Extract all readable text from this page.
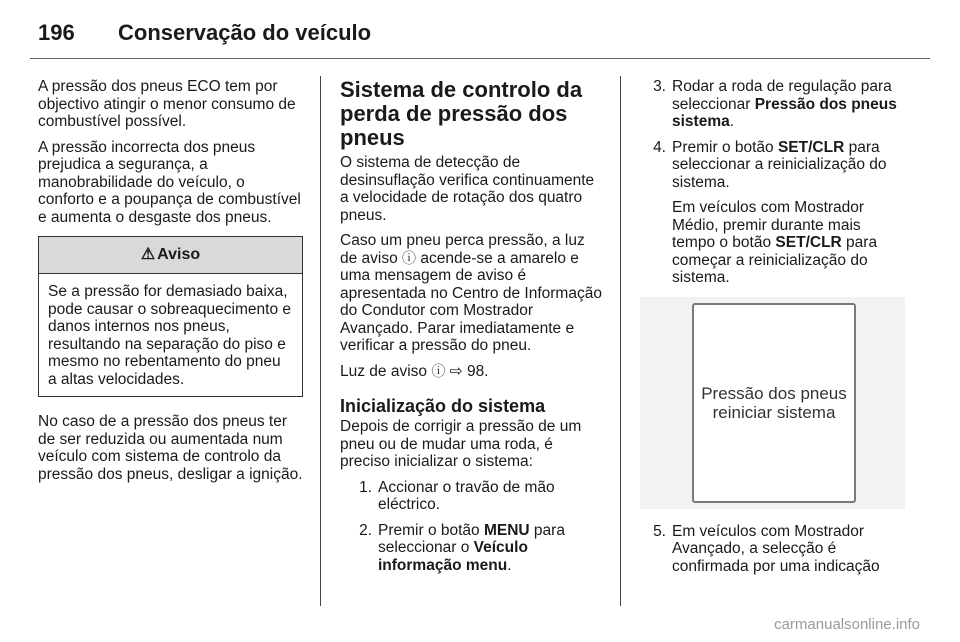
196 Conservação do veículo

A pressão dos pneus ECO tem por objectivo atingir o menor consumo de combustível possível.

A pressão incorrecta dos pneus prejudica a segurança, a manobrabilidade do veículo, o conforto e a poupança de combustível e aumenta o desgaste dos pneus.

⚠ Aviso
Se a pressão for demasiado baixa, pode causar o sobreaquecimento e danos internos nos pneus, resultando na separação do piso e mesmo no rebentamento do pneu a altas velocidades.

No caso de a pressão dos pneus ter de ser reduzida ou aumentada num veículo com sistema de controlo da pressão dos pneus, desligar a ignição.

Sistema de controlo da perda de pressão dos pneus

O sistema de detecção de desinsuflação verifica continuamente a velocidade de rotação dos quatro pneus.

Caso um pneu perca pressão, a luz de aviso ⓘ acende-se a amarelo e uma mensagem de aviso é apresentada no Centro de Informação do Condutor com Mostrador Avançado. Parar imediatamente e verificar a pressão do pneu.

Luz de aviso ⓘ ⇨ 98.

Inicialização do sistema

Depois de corrigir a pressão de um pneu ou de mudar uma roda, é preciso inicializar o sistema:

1. Accionar o travão de mão eléctrico.
2. Premir o botão MENU para seleccionar o Veículo informação menu.
3. Rodar a roda de regulação para seleccionar Pressão dos pneus sistema.
4. Premir o botão SET/CLR para seleccionar a reinicialização do sistema.
Em veículos com Mostrador Médio, premir durante mais tempo o botão SET/CLR para começar a reinicialização do sistema.
Pressão dos pneus reiniciar sistema
5. Em veículos com Mostrador Avançado, a selecção é confirmada por uma indicação
carmanualsonline.info
